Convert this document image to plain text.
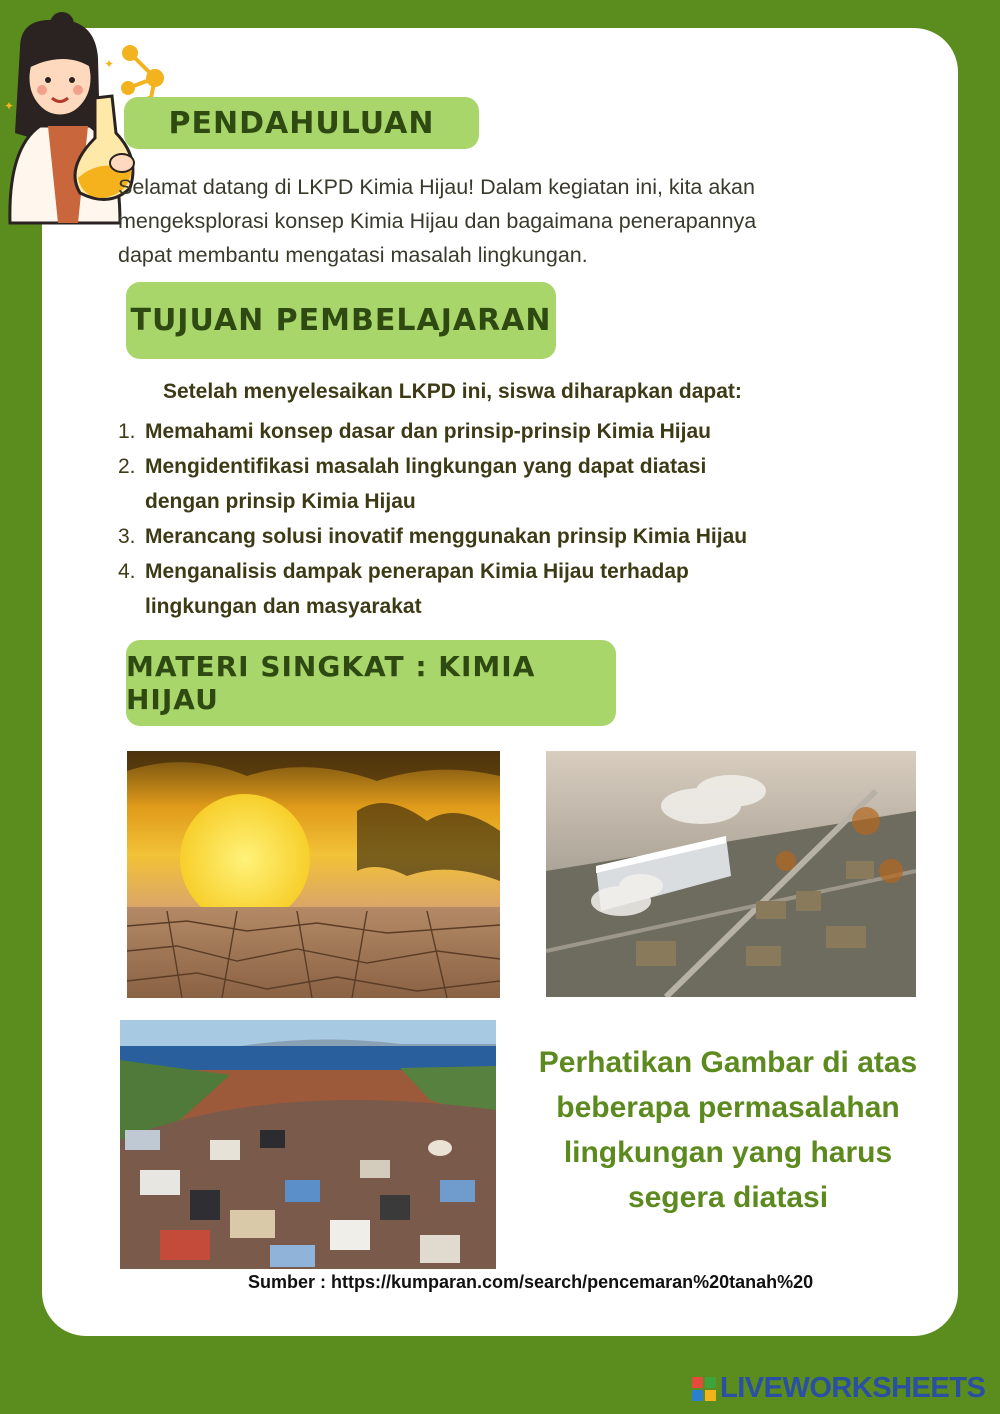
✦
✦
PENDAHULUAN
Selamat datang di LKPD Kimia Hijau! Dalam kegiatan ini, kita akan
mengeksplorasi konsep Kimia Hijau dan bagaimana penerapannya
dapat membantu mengatasi masalah lingkungan.
TUJUAN PEMBELAJARAN
Setelah menyelesaikan LKPD ini, siswa diharapkan dapat:
1. Memahami konsep dasar dan prinsip-prinsip Kimia Hijau
2. Mengidentifikasi masalah lingkungan yang dapat diatasi
dengan prinsip Kimia Hijau
3. Merancang solusi inovatif menggunakan prinsip Kimia Hijau
4. Menganalisis dampak penerapan Kimia Hijau terhadap
lingkungan dan masyarakat
MATERI SINGKAT : KIMIA HIJAU
Perhatikan Gambar di atas
beberapa permasalahan
lingkungan yang harus
segera diatasi
Sumber : https://kumparan.com/search/pencemaran%20tanah%20
LIVEWORKSHEETS
